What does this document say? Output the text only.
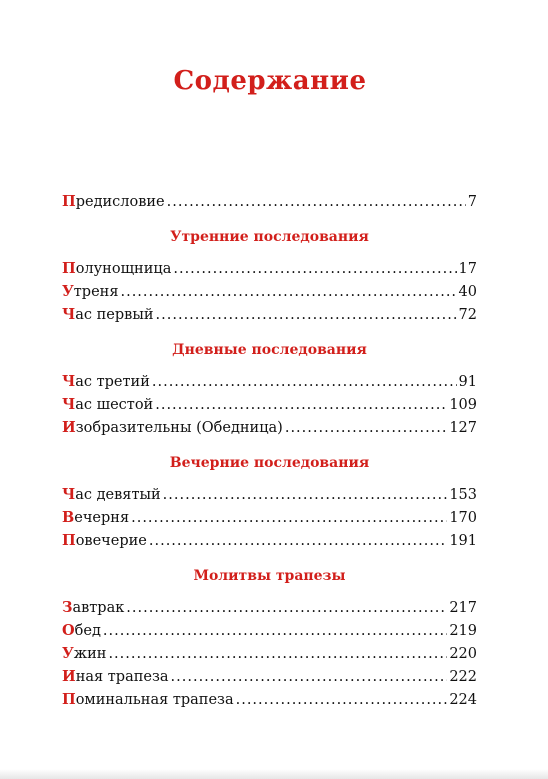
Содержание
П редисловие .....	7
Утренние последования
П олунощница .....	17
У треня .....	40
Ч ас первый .....	72
Дневные последования
Ч ас третий .....	91
Ч ас шестой .....	109
И зобразительны (Обедница) .....	127
Вечерние последования
Ч ас девятый .....	153
В ечерня .....	170
П овечерие .....	191
Молитвы трапезы
З автрак .....	217
О бед .....	219
У жин .....	220
И ная трапеза .....	222
П оминальная трапеза .....	224
